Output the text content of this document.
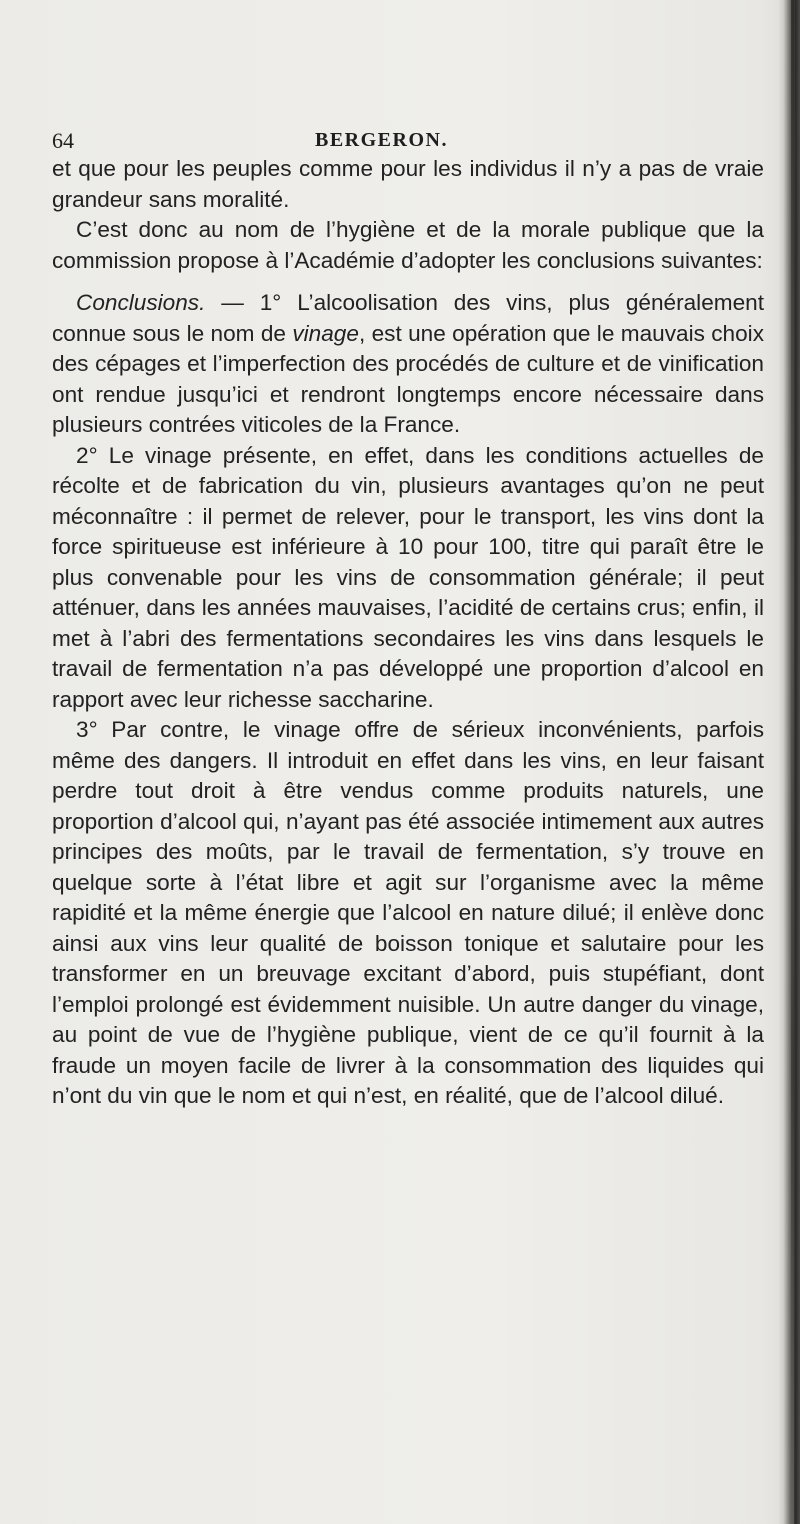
64	BERGERON.

et que pour les peuples comme pour les individus il n’y a pas de vraie grandeur sans moralité.

C’est donc au nom de l’hygiène et de la morale publique que la commission propose à l’Académie d’adopter les conclusions suivantes:

Conclusions. — 1° L’alcoolisation des vins, plus généralement connue sous le nom de vinage, est une opération que le mauvais choix des cépages et l’imperfection des procédés de culture et de vinification ont rendue jusqu’ici et rendront longtemps encore nécessaire dans plusieurs contrées viticoles de la France.

2° Le vinage présente, en effet, dans les conditions actuelles de récolte et de fabrication du vin, plusieurs avantages qu’on ne peut méconnaître : il permet de relever, pour le transport, les vins dont la force spiritueuse est inférieure à 10 pour 100, titre qui paraît être le plus convenable pour les vins de consommation générale; il peut atténuer, dans les années mauvaises, l’acidité de certains crus; enfin, il met à l’abri des fermentations secondaires les vins dans lesquels le travail de fermentation n’a pas développé une proportion d’alcool en rapport avec leur richesse saccharine.

3° Par contre, le vinage offre de sérieux inconvénients, parfois même des dangers. Il introduit en effet dans les vins, en leur faisant perdre tout droit à être vendus comme produits naturels, une proportion d’alcool qui, n’ayant pas été associée intimement aux autres principes des moûts, par le travail de fermentation, s’y trouve en quelque sorte à l’état libre et agit sur l’organisme avec la même rapidité et la même énergie que l’alcool en nature dilué; il enlève donc ainsi aux vins leur qualité de boisson tonique et salutaire pour les transformer en un breuvage excitant d’abord, puis stupéfiant, dont l’emploi prolongé est évidemment nuisible. Un autre danger du vinage, au point de vue de l’hygiène publique, vient de ce qu’il fournit à la fraude un moyen facile de livrer à la consommation des liquides qui n’ont du vin que le nom et qui n’est, en réalité, que de l’alcool dilué.
